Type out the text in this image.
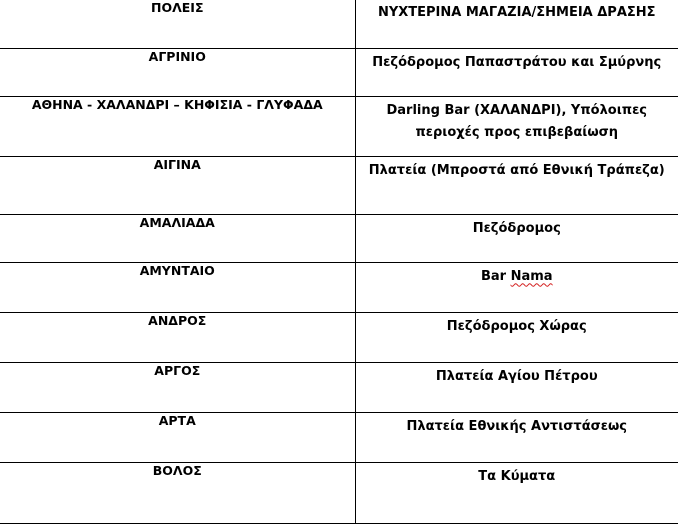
ΠΟΛΕΙΣ	ΝΥΧΤΕΡΙΝΑ ΜΑΓΑΖΙΑ/ΣΗΜΕΙΑ ΔΡΑΣΗΣ
ΑΓΡΙΝΙΟ	Πεζόδρομος Παπαστράτου και Σμύρνης
ΑΘΗΝΑ - ΧΑΛΑΝΔΡΙ – ΚΗΦΙΣΙΑ - ΓΛΥΦΑΔΑ	Darling Bar (ΧΑΛΑΝΔΡΙ), Υπόλοιπες περιοχές προς επιβεβαίωση
ΑΙΓΙΝΑ	Πλατεία (Μπροστά από Εθνική Τράπεζα)
ΑΜΑΛΙΑΔΑ	Πεζόδρομος
ΑΜΥΝΤΑΙΟ	Bar Nama
ΑΝΔΡΟΣ	Πεζόδρομος Χώρας
ΑΡΓΟΣ	Πλατεία Αγίου Πέτρου
ΑΡΤΑ	Πλατεία Εθνικής Αντιστάσεως
ΒΟΛΟΣ	Τα Κύματα
